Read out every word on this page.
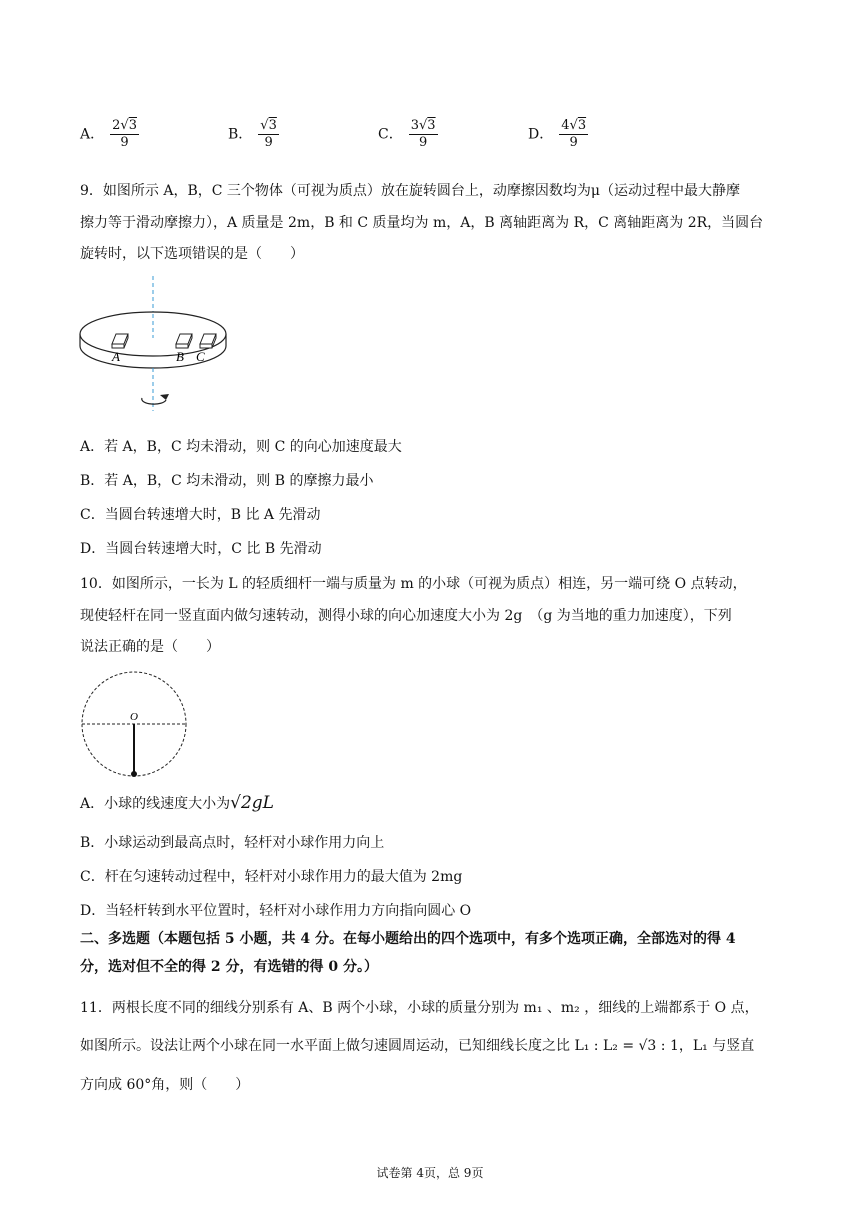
A． $\frac{2√3}{9}$	B． $\frac{√3}{9}$	C． $\frac{3√3}{9}$	D． $\frac{4√3}{9}$
9．如图所示 A，B，C 三个物体（可视为质点）放在旋转圆台上，动摩擦因数均为μ（运动过程中最大静摩
擦力等于滑动摩擦力），A 质量是 2m，B 和 C 质量均为 m，A，B 离轴距离为 R，C 离轴距离为 2R，当圆台
旋转时，以下选项错误的是（　　）
A	B C
A．若 A，B，C 均未滑动，则 C 的向心加速度最大
B．若 A，B，C 均未滑动，则 B 的摩擦力最小
C．当圆台转速增大时，B 比 A 先滑动
D．当圆台转速增大时，C 比 B 先滑动
10．如图所示，一长为 L 的轻质细杆一端与质量为 m 的小球（可视为质点）相连，另一端可绕 O 点转动，
现使轻杆在同一竖直面内做匀速转动，测得小球的向心加速度大小为 2g　（g 为当地的重力加速度），下列
说法正确的是（　　）
O
A．小球的线速度大小为√2gL
B．小球运动到最高点时，轻杆对小球作用力向上
C．杆在匀速转动过程中，轻杆对小球作用力的最大值为 2mg
D．当轻杆转到水平位置时，轻杆对小球作用力方向指向圆心 O
二、多选题（本题包括 5 小题，共 4 分。在每小题给出的四个选项中，有多个选项正确，全部选对的得 4
分，选对但不全的得 2 分，有选错的得 0 分。）
11．两根长度不同的细线分别系有 A、B 两个小球，小球的质量分别为 m₁ 、m₂ ，细线的上端都系于 O 点，
如图所示。设法让两个小球在同一水平面上做匀速圆周运动，已知细线长度之比 L₁ : L₂ = √3 : 1，L₁ 与竖直
方向成 60°角，则（　　）
试卷第 4页，总 9页
